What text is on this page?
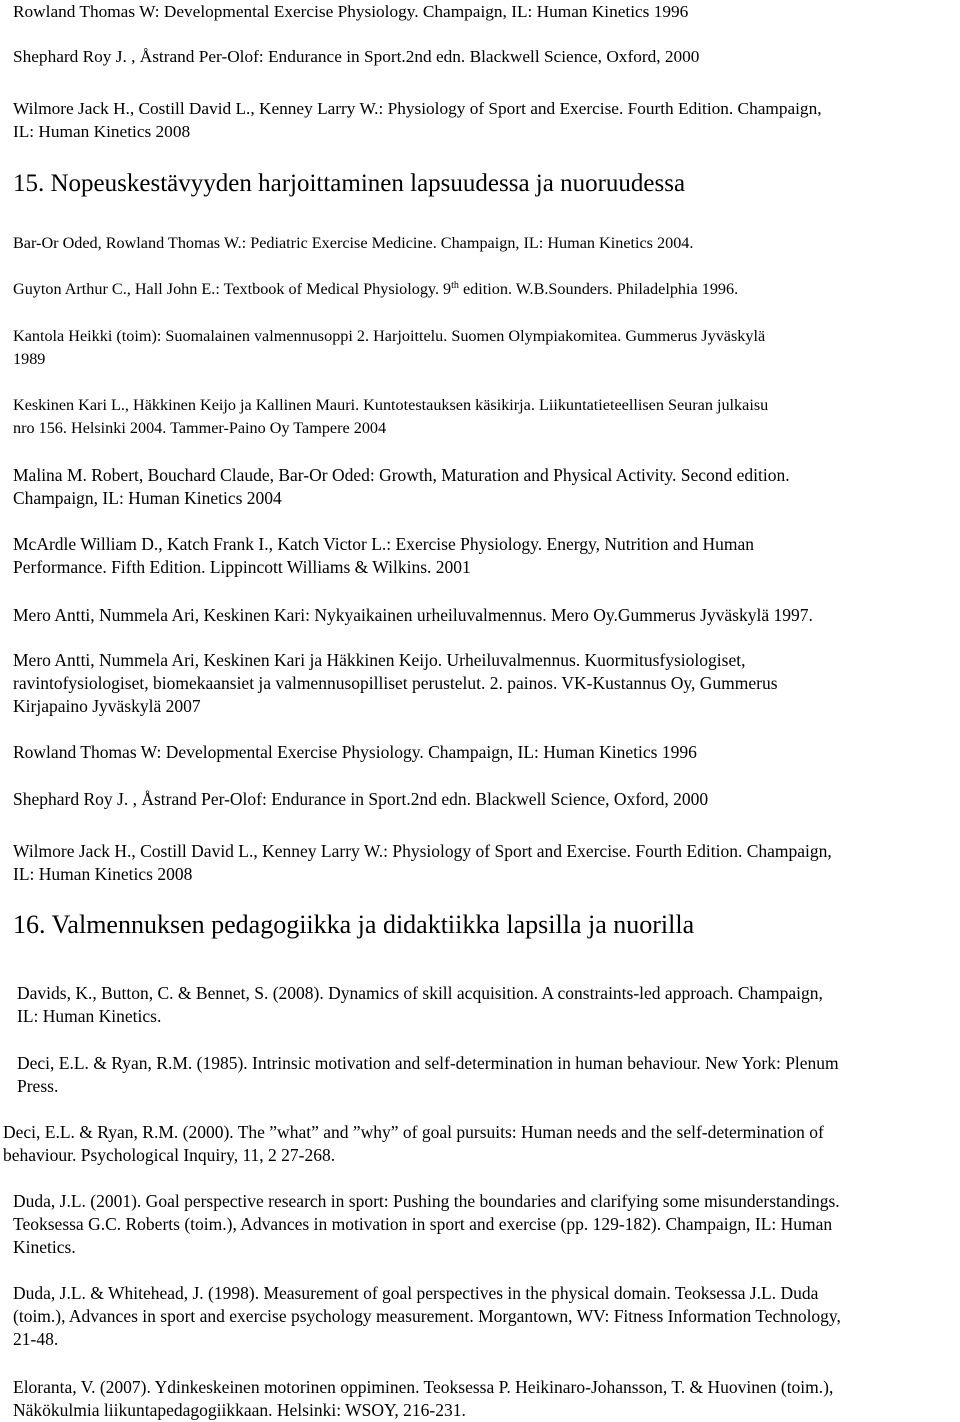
Rowland Thomas W: Developmental Exercise Physiology. Champaign, IL: Human Kinetics 1996
Shephard Roy J. , Åstrand Per-Olof: Endurance in Sport.2nd edn. Blackwell Science, Oxford, 2000
Wilmore Jack H., Costill David L., Kenney Larry W.: Physiology of Sport and Exercise. Fourth Edition. Champaign,
IL: Human Kinetics 2008
15. Nopeuskestävyyden harjoittaminen lapsuudessa ja nuoruudessa
Bar-Or Oded, Rowland Thomas W.: Pediatric Exercise Medicine. Champaign, IL: Human Kinetics 2004.
Guyton Arthur C., Hall John E.: Textbook of Medical Physiology. 9th edition. W.B.Sounders. Philadelphia 1996.
Kantola Heikki (toim): Suomalainen valmennusoppi 2. Harjoittelu. Suomen Olympiakomitea. Gummerus Jyväskylä
1989
Keskinen Kari L., Häkkinen Keijo ja Kallinen Mauri. Kuntotestauksen käsikirja. Liikuntatieteellisen Seuran julkaisu
nro 156. Helsinki 2004. Tammer-Paino Oy Tampere 2004
Malina M. Robert, Bouchard Claude, Bar-Or Oded: Growth, Maturation and Physical Activity. Second edition.
Champaign, IL: Human Kinetics 2004
McArdle William D., Katch Frank I., Katch Victor L.: Exercise Physiology. Energy, Nutrition and Human
Performance. Fifth Edition. Lippincott Williams & Wilkins. 2001
Mero Antti, Nummela Ari, Keskinen Kari: Nykyaikainen urheiluvalmennus. Mero Oy.Gummerus Jyväskylä 1997.
Mero Antti, Nummela Ari, Keskinen Kari ja Häkkinen Keijo. Urheiluvalmennus. Kuormitusfysiologiset,
ravintofysiologiset, biomekaansiet ja valmennusopilliset perustelut. 2. painos. VK-Kustannus Oy, Gummerus
Kirjapaino Jyväskylä 2007
Rowland Thomas W: Developmental Exercise Physiology. Champaign, IL: Human Kinetics 1996
Shephard Roy J. , Åstrand Per-Olof: Endurance in Sport.2nd edn. Blackwell Science, Oxford, 2000
Wilmore Jack H., Costill David L., Kenney Larry W.: Physiology of Sport and Exercise. Fourth Edition. Champaign,
IL: Human Kinetics 2008
16. Valmennuksen pedagogiikka ja didaktiikka lapsilla ja nuorilla
Davids, K., Button, C. & Bennet, S. (2008). Dynamics of skill acquisition. A constraints-led approach. Champaign,
IL: Human Kinetics.
Deci, E.L. & Ryan, R.M. (1985). Intrinsic motivation and self-determination in human behaviour. New York: Plenum
Press.
Deci, E.L. & Ryan, R.M. (2000). The ”what” and ”why” of goal pursuits: Human needs and the self-determination of
behaviour. Psychological Inquiry, 11, 2 27-268.
Duda, J.L. (2001). Goal perspective research in sport: Pushing the boundaries and clarifying some misunderstandings.
Teoksessa G.C. Roberts (toim.), Advances in motivation in sport and exercise (pp. 129-182). Champaign, IL: Human
Kinetics.
Duda, J.L. & Whitehead, J. (1998). Measurement of goal perspectives in the physical domain. Teoksessa J.L. Duda
(toim.), Advances in sport and exercise psychology measurement. Morgantown, WV: Fitness Information Technology,
21-48.
Eloranta, V. (2007). Ydinkeskeinen motorinen oppiminen. Teoksessa P. Heikinaro-Johansson, T. & Huovinen (toim.),
Näkökulmia liikuntapedagogiikkaan. Helsinki: WSOY, 216-231.
